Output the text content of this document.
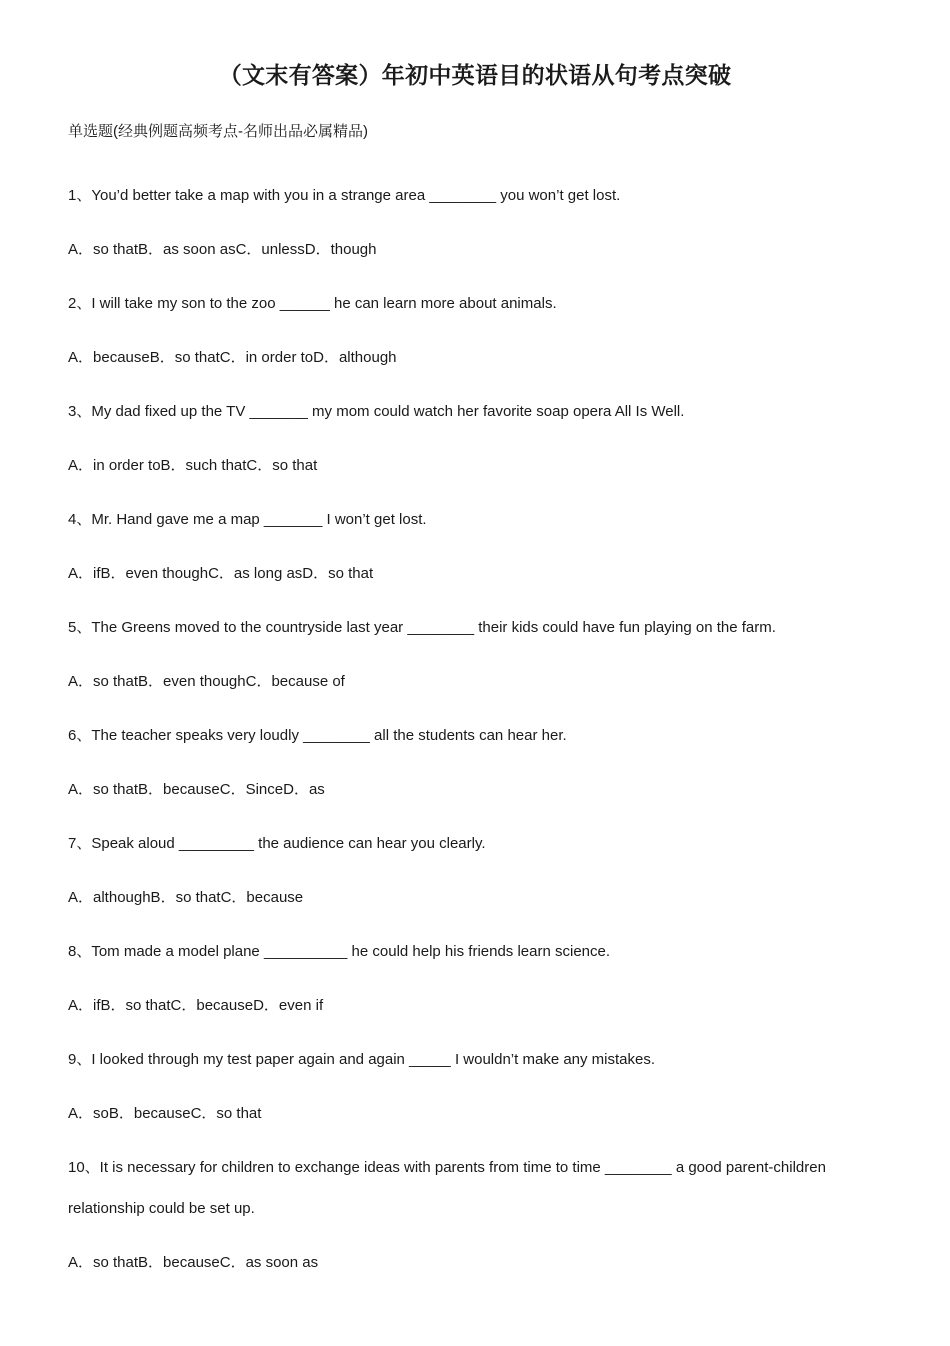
（文末有答案）年初中英语目的状语从句考点突破
单选题(经典例题高频考点-名师出品必属精品)
1、You’d better take a map with you in a strange area ________ you won’t get lost.
A．so thatB．as soon asC．unlessD．though
2、I will take my son to the zoo ______ he can learn more about animals.
A．becauseB．so thatC．in order toD．although
3、My dad fixed up the TV _______ my mom could watch her favorite soap opera All Is Well.
A．in order toB．such thatC．so that
4、Mr. Hand gave me a map _______ I won’t get lost.
A．ifB．even thoughC．as long asD．so that
5、The Greens moved to the countryside last year ________ their kids could have fun playing on the farm.
A．so thatB．even thoughC．because of
6、The teacher speaks very loudly ________ all the students can hear her.
A．so thatB．becauseC．SinceD．as
7、Speak aloud _________ the audience can hear you clearly.
A．althoughB．so thatC．because
8、Tom made a model plane __________ he could help his friends learn science.
A．ifB．so thatC．becauseD．even if
9、I looked through my test paper again and again _____ I wouldn’t make any mistakes.
A．soB．becauseC．so that
10、It is necessary for children to exchange ideas with parents from time to time ________ a good parent-children relationship could be set up.
A．so thatB．becauseC．as soon as
